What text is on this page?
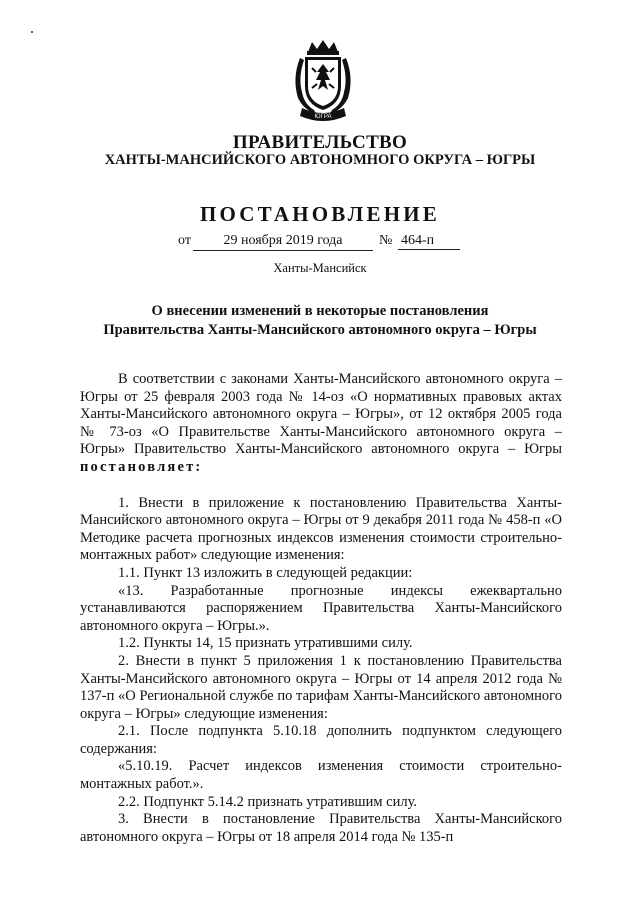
ЮГРА
ПРАВИТЕЛЬСТВО
ХАНТЫ-МАНСИЙСКОГО АВТОНОМНОГО ОКРУГА – ЮГРЫ
ПОСТАНОВЛЕНИЕ
от	29 ноября 2019 года	№ 464-п
Ханты-Мансийск
О внесении изменений в некоторые постановления
Правительства Ханты-Мансийского автономного округа – Югры

В соответствии с законами Ханты-Мансийского автономного округа – Югры от 25 февраля 2003 года № 14-оз «О нормативных правовых актах Ханты-Мансийского автономного округа – Югры», от 12 октября 2005 года № 73-оз «О Правительстве Ханты-Мансийского автономного округа – Югры» Правительство Ханты-Мансийского автономного округа – Югры постановляет:

1. Внести в приложение к постановлению Правительства Ханты-Мансийского автономного округа – Югры от 9 декабря 2011 года № 458-п «О Методике расчета прогнозных индексов изменения стоимости строительно-монтажных работ» следующие изменения:

1.1. Пункт 13 изложить в следующей редакции:

«13. Разработанные прогнозные индексы ежеквартально устанавливаются распоряжением Правительства Ханты-Мансийского автономного округа – Югры.».

1.2. Пункты 14, 15 признать утратившими силу.

2. Внести в пункт 5 приложения 1 к постановлению Правительства Ханты-Мансийского автономного округа – Югры от 14 апреля 2012 года № 137-п «О Региональной службе по тарифам Ханты-Мансийского автономного округа – Югры» следующие изменения:

2.1. После подпункта 5.10.18 дополнить подпунктом следующего содержания:

«5.10.19. Расчет индексов изменения стоимости строительно-монтажных работ.».

2.2. Подпункт 5.14.2 признать утратившим силу.

3. Внести в постановление Правительства Ханты-Мансийского автономного округа – Югры от 18 апреля 2014 года № 135-п
